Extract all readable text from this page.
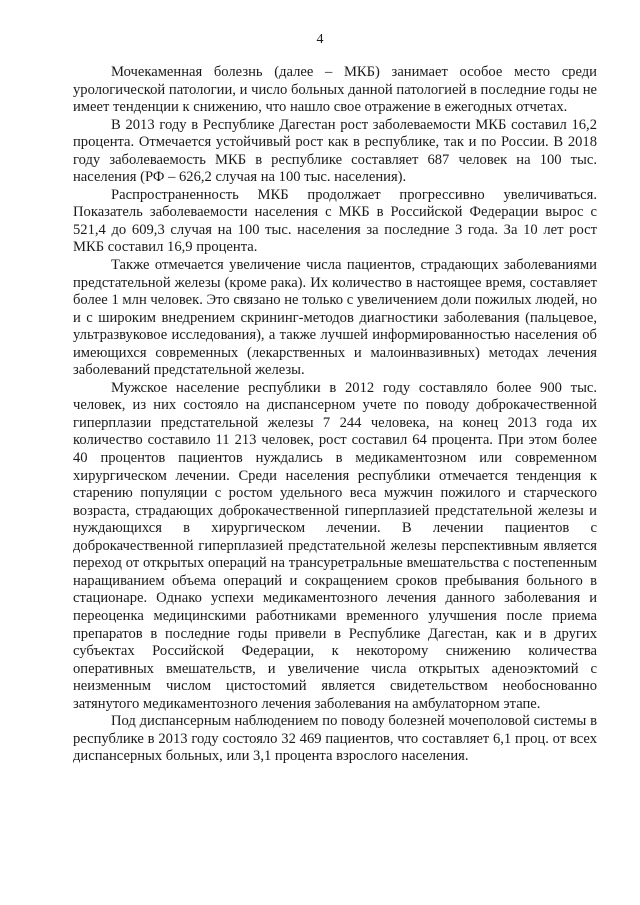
4

Мочекаменная болезнь (далее – МКБ) занимает особое место среди урологической патологии, и число больных данной патологией в последние годы не имеет тенденции к снижению, что нашло свое отражение в ежегодных отчетах.

В 2013 году в Республике Дагестан рост заболеваемости МКБ составил 16,2 процента. Отмечается устойчивый рост как в республике, так и по России. В 2018 году заболеваемость МКБ в республике составляет 687 человек на 100 тыс. населения (РФ – 626,2 случая на 100 тыс. населения).

Распространенность МКБ продолжает прогрессивно увеличиваться. Показатель заболеваемости населения с МКБ в Российской Федерации вырос с 521,4 до 609,3 случая на 100 тыс. населения за последние 3 года. За 10 лет рост МКБ составил 16,9 процента.

Также отмечается увеличение числа пациентов, страдающих заболеваниями предстательной железы (кроме рака). Их количество в настоящее время, составляет более 1 млн человек. Это связано не только с увеличением доли пожилых людей, но и с широким внедрением скрининг-методов диагностики заболевания (пальцевое, ультразвуковое исследования), а также лучшей информированностью населения об имеющихся современных (лекарственных и малоинвазивных) методах лечения заболеваний предстательной железы.

Мужское население республики в 2012 году составляло более 900 тыс. человек, из них состояло на диспансерном учете по поводу доброкачественной гиперплазии предстательной железы 7 244 человека, на конец 2013 года их количество составило 11 213 человек, рост составил 64 процента. При этом более 40 процентов пациентов нуждались в медикаментозном или современном хирургическом лечении. Среди населения республики отмечается тенденция к старению популяции с ростом удельного веса мужчин пожилого и старческого возраста, страдающих доброкачественной гиперплазией предстательной железы и нуждающихся в хирургическом лечении. В лечении пациентов с доброкачественной гиперплазией предстательной железы перспективным является переход от открытых операций на трансуретральные вмешательства с постепенным наращиванием объема операций и сокращением сроков пребывания больного в стационаре. Однако успехи медикаментозного лечения данного заболевания и переоценка медицинскими работниками временного улучшения после приема препаратов в последние годы привели в Республике Дагестан, как и в других субъектах Российской Федерации, к некоторому снижению количества оперативных вмешательств, и увеличение числа открытых аденоэктомий с неизменным числом цистостомий является свидетельством необоснованно затянутого медикаментозного лечения заболевания на амбулаторном этапе.

Под диспансерным наблюдением по поводу болезней мочеполовой системы в республике в 2013 году состояло 32 469 пациентов, что составляет 6,1 проц. от всех диспансерных больных, или 3,1 процента взрослого населения.
